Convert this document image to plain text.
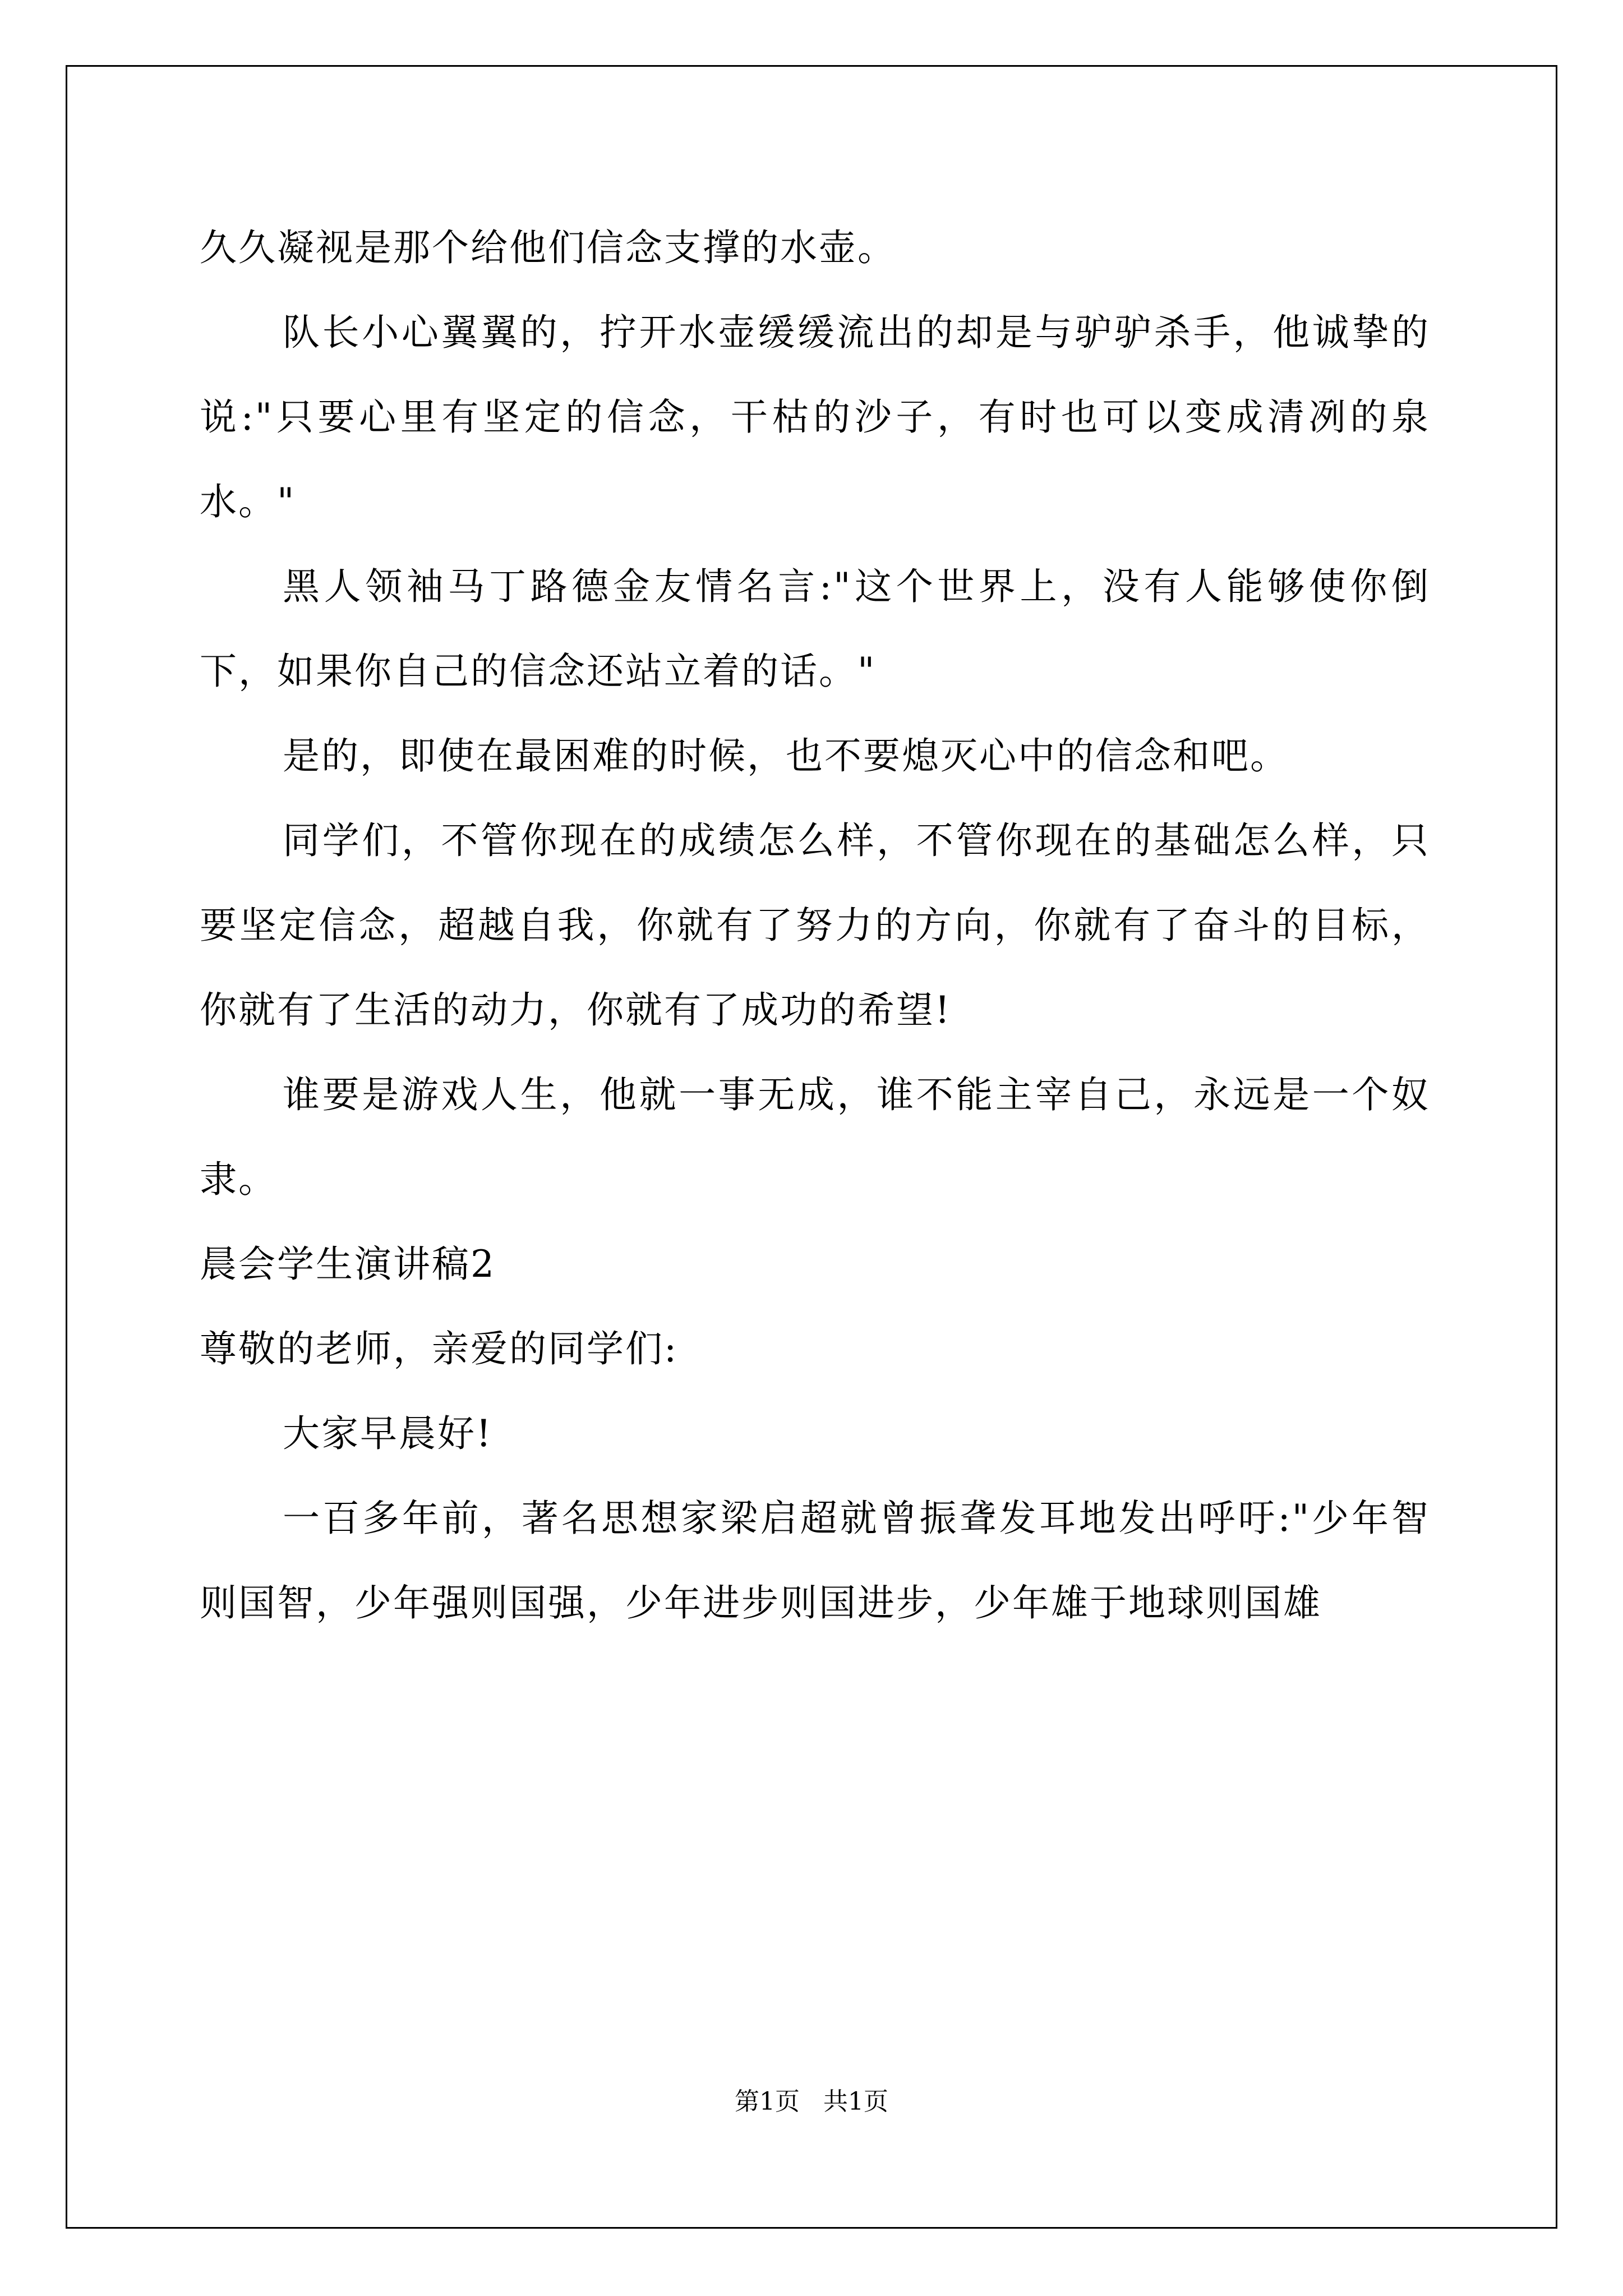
久久凝视是那个给他们信念支撑的水壶。

队长小心翼翼的，拧开水壶缓缓流出的却是与驴驴杀手，他诚挚的说:"只要心里有坚定的信念，干枯的沙子，有时也可以变成清冽的泉水。"

黑人领袖马丁路德金友情名言:"这个世界上，没有人能够使你倒下，如果你自己的信念还站立着的话。"

是的，即使在最困难的时候，也不要熄灭心中的信念和吧。

同学们，不管你现在的成绩怎么样，不管你现在的基础怎么样，只要坚定信念，超越自我，你就有了努力的方向，你就有了奋斗的目标，你就有了生活的动力，你就有了成功的希望!

谁要是游戏人生，他就一事无成，谁不能主宰自己，永远是一个奴隶。

晨会学生演讲稿2

尊敬的老师，亲爱的同学们:

大家早晨好!

一百多年前，著名思想家梁启超就曾振聋发耳地发出呼吁:"少年智则国智，少年强则国强，少年进步则国进步，少年雄于地球则国雄

第1页   共1页
